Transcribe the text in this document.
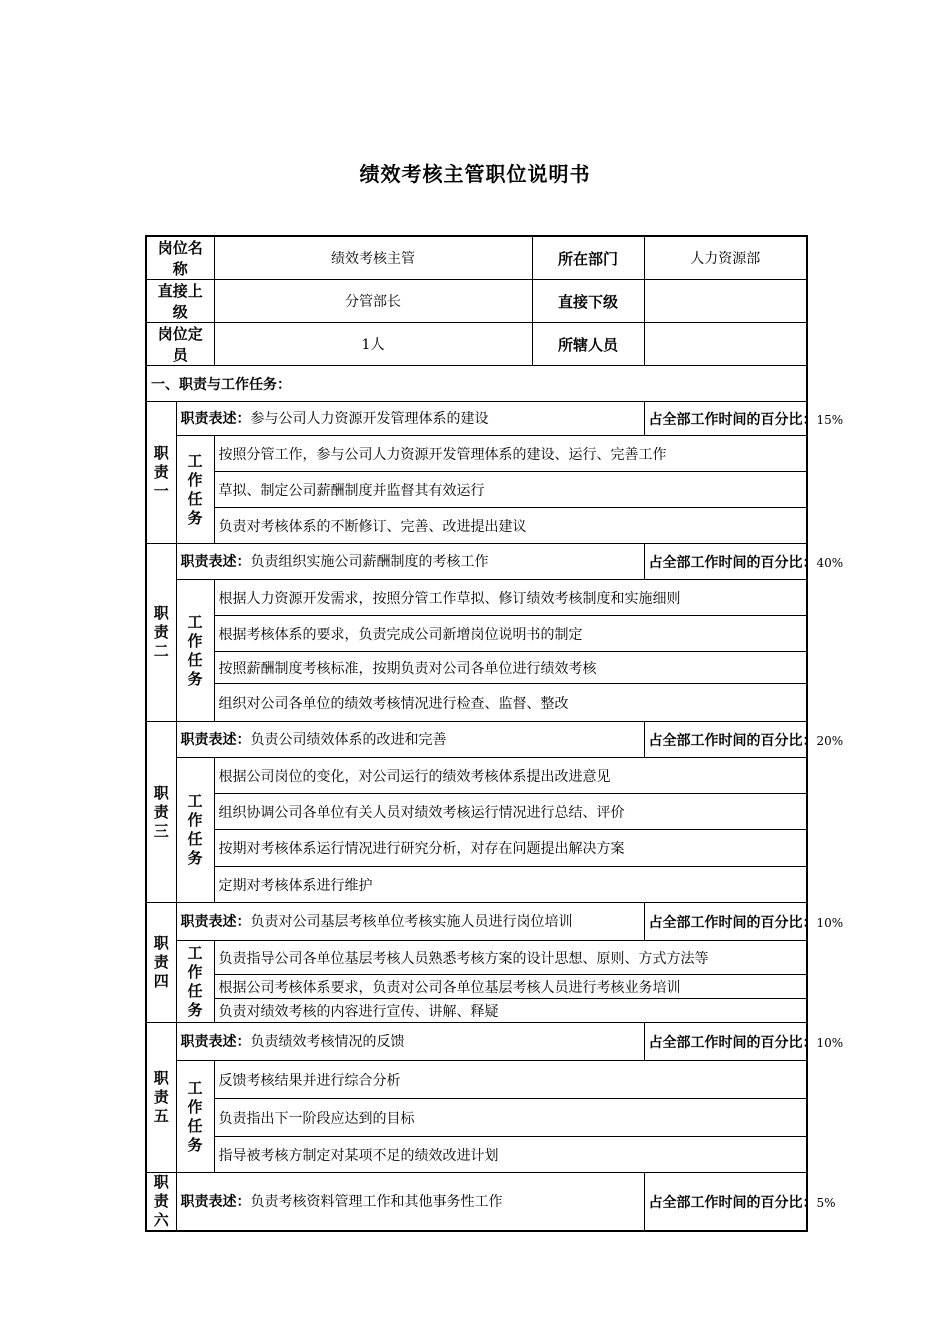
绩效考核主管职位说明书
岗位名称		绩效考核主管	所在部门	人力资源部
直接上级		分管部长	直接下级	
岗位定员		1人	所辖人员	
一、职责与工作任务：				
职责一	职责表述：参与公司人力资源开发管理体系的建设			占全部工作时间的百分比：15%
	工作任务	按照分管工作，参与公司人力资源开发管理体系的建设、运行、完善工作		
		草拟、制定公司薪酬制度并监督其有效运行		
		负责对考核体系的不断修订、完善、改进提出建议		
职责二	职责表述：负责组织实施公司薪酬制度的考核工作			占全部工作时间的百分比：40%
	工作任务	根据人力资源开发需求，按照分管工作草拟、修订绩效考核制度和实施细则		
		根据考核体系的要求，负责完成公司新增岗位说明书的制定		
		按照薪酬制度考核标准，按期负责对公司各单位进行绩效考核		
		组织对公司各单位的绩效考核情况进行检查、监督、整改		
职责三	职责表述：负责公司绩效体系的改进和完善			占全部工作时间的百分比：20%
	工作任务	根据公司岗位的变化，对公司运行的绩效考核体系提出改进意见		
		组织协调公司各单位有关人员对绩效考核运行情况进行总结、评价		
		按期对考核体系运行情况进行研究分析，对存在问题提出解决方案		
		定期对考核体系进行维护		
职责四	职责表述：负责对公司基层考核单位考核实施人员进行岗位培训			占全部工作时间的百分比：10%
	工作任务	负责指导公司各单位基层考核人员熟悉考核方案的设计思想、原则、方式方法等		
		根据公司考核体系要求，负责对公司各单位基层考核人员进行考核业务培训		
		负责对绩效考核的内容进行宣传、讲解、释疑		
职责五	职责表述：负责绩效考核情况的反馈			占全部工作时间的百分比：10%
	工作任务	反馈考核结果并进行综合分析		
		负责指出下一阶段应达到的目标		
		指导被考核方制定对某项不足的绩效改进计划		
职责六	职责表述：负责考核资料管理工作和其他事务性工作			占全部工作时间的百分比：5%
